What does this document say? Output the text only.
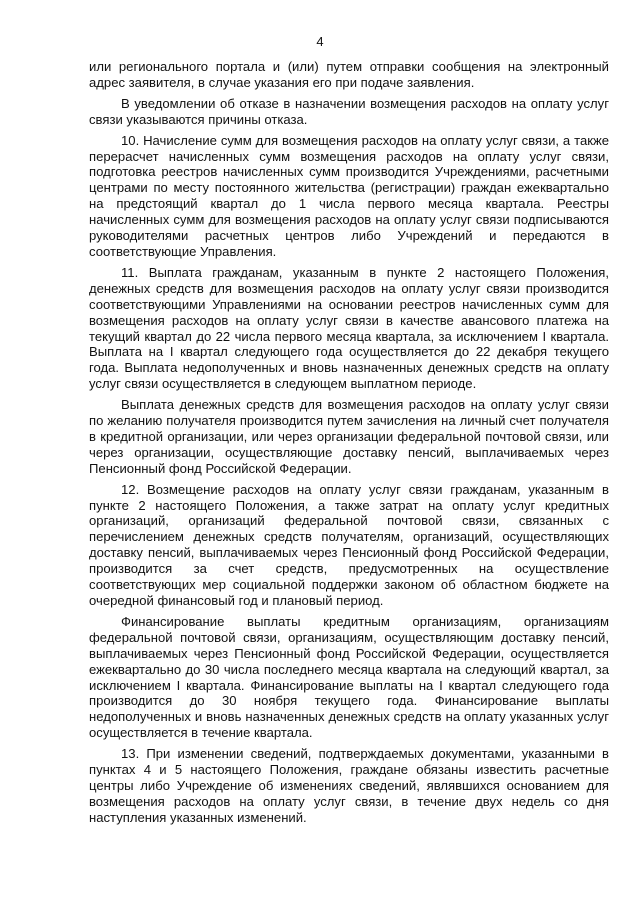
4

или регионального портала и (или) путем отправки сообщения на электронный адрес заявителя, в случае указания его при подаче заявления.

В уведомлении об отказе в назначении возмещения расходов на оплату услуг связи указываются причины отказа.

10. Начисление сумм для возмещения расходов на оплату услуг связи, а также перерасчет начисленных сумм возмещения расходов на оплату услуг связи, подготовка реестров начисленных сумм производится Учреждениями, расчетными центрами по месту постоянного жительства (регистрации) граждан ежеквартально на предстоящий квартал до 1 числа первого месяца квартала. Реестры начисленных сумм для возмещения расходов на оплату услуг связи подписываются руководителями расчетных центров либо Учреждений и передаются в соответствующие Управления.

11. Выплата гражданам, указанным в пункте 2 настоящего Положения, денежных средств для возмещения расходов на оплату услуг связи производится соответствующими Управлениями на основании реестров начисленных сумм для возмещения расходов на оплату услуг связи в качестве авансового платежа на текущий квартал до 22 числа первого месяца квартала, за исключением I квартала. Выплата на I квартал следующего года осуществляется до 22 декабря текущего года. Выплата недополученных и вновь назначенных денежных средств на оплату услуг связи осуществляется в следующем выплатном периоде.

Выплата денежных средств для возмещения расходов на оплату услуг связи по желанию получателя производится путем зачисления на личный счет получателя в кредитной организации, или через организации федеральной почтовой связи, или через организации, осуществляющие доставку пенсий, выплачиваемых через Пенсионный фонд Российской Федерации.

12. Возмещение расходов на оплату услуг связи гражданам, указанным в пункте 2 настоящего Положения, а также затрат на оплату услуг кредитных организаций, организаций федеральной почтовой связи, связанных с перечислением денежных средств получателям, организаций, осуществляющих доставку пенсий, выплачиваемых через Пенсионный фонд Российской Федерации, производится за счет средств, предусмотренных на осуществление соответствующих мер социальной поддержки законом об областном бюджете на очередной финансовый год и плановый период.

Финансирование выплаты кредитным организациям, организациям федеральной почтовой связи, организациям, осуществляющим доставку пенсий, выплачиваемых через Пенсионный фонд Российской Федерации, осуществляется ежеквартально до 30 числа последнего месяца квартала на следующий квартал, за исключением I квартала. Финансирование выплаты на I квартал следующего года производится до 30 ноября текущего года. Финансирование выплаты недополученных и вновь назначенных денежных средств на оплату указанных услуг осуществляется в течение квартала.

13. При изменении сведений, подтверждаемых документами, указанными в пунктах 4 и 5 настоящего Положения, граждане обязаны известить расчетные центры либо Учреждение об изменениях сведений, являвшихся основанием для возмещения расходов на оплату услуг связи, в течение двух недель со дня наступления указанных изменений.
